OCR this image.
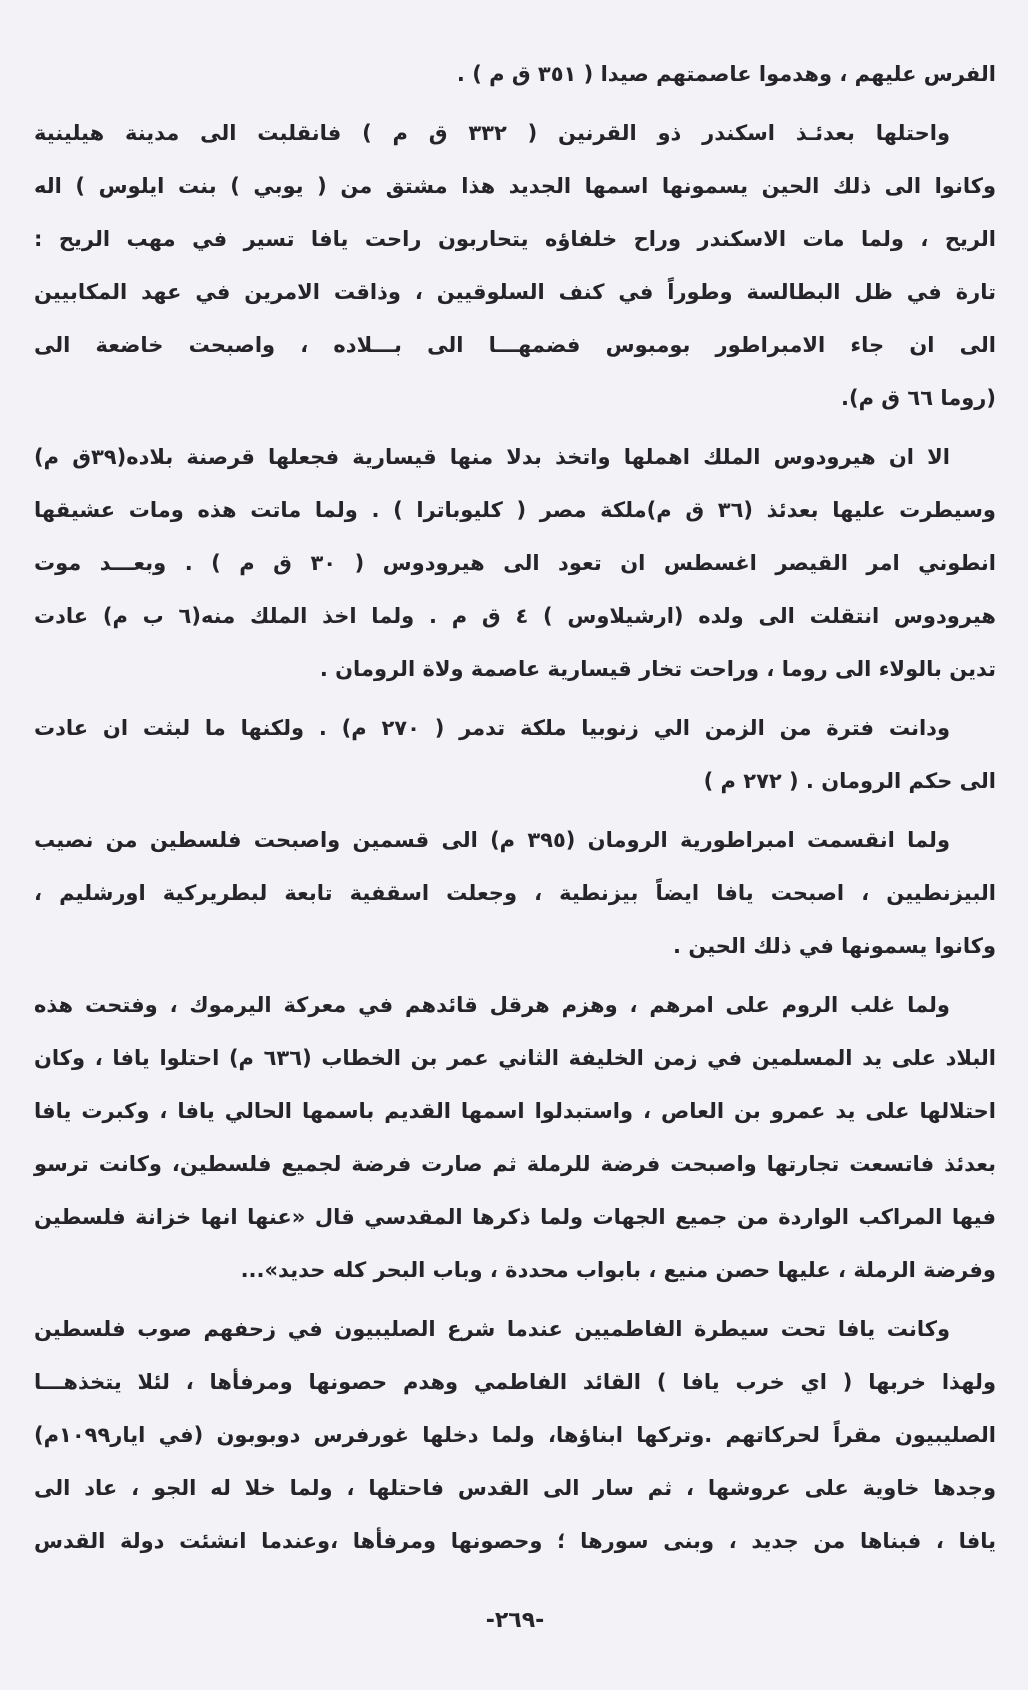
الفرس عليهم ، وهدموا عاصمتهم صيدا ( ٣٥١ ق م ) .
واحتلها بعدئـذ اسكندر ذو القرنين ( ٣٣٢ ق م ) فانقلبت الى مدينة هيلينية
وكانوا الى ذلك الحين يسمونها اسمها الجديد هذا مشتق من ( يوبي ) بنت ايلوس ) اله
الريح ، ولما مات الاسكندر وراح خلفاؤه يتحاربون راحت يافا تسير في مهب الريح :
تارة في ظل البطالسة وطوراً في كنف السلوقيين ، وذاقت الامرين في عهد المكابيين
الى ان جاء الامبراطور بومبوس فضمهـــا الى بـــلاده ، واصبحت خاضعة الى
(روما ٦٦ ق م).
الا ان هيرودوس الملك اهملها واتخذ بدلا منها قيسارية فجعلها قرصنة بلاده(٣٩ق م)
وسيطرت عليها بعدئذ (٣٦ ق م)ملكة مصر ( كليوباترا ) . ولما ماتت هذه ومات عشيقها
انطوني امر القيصر اغسطس ان تعود الى هيرودوس ( ٣٠ ق م ) . وبعـــد موت
هيرودوس انتقلت الى ولده (ارشيلاوس ) ٤ ق م . ولما اخذ الملك منه(٦ ب م) عادت
تدين بالولاء الى روما ، وراحت تخار قيسارية عاصمة ولاة الرومان .
ودانت فترة من الزمن الي زنوبيا ملكة تدمر ( ٢٧٠ م) . ولكنها ما لبثت ان عادت
الى حكم الرومان . ( ٢٧٢ م )
ولما انقسمت امبراطورية الرومان (٣٩٥ م) الى قسمين واصبحت فلسطين من نصيب
البيزنطيين ، اصبحت يافا ايضاً بيزنطية ، وجعلت اسقفية تابعة لبطريركية اورشليم ،
وكانوا يسمونها في ذلك الحين .
ولما غلب الروم على امرهم ، وهزم هرقل قائدهم في معركة اليرموك ، وفتحت هذه
البلاد على يد المسلمين في زمن الخليفة الثاني عمر بن الخطاب (٦٣٦ م) احتلوا يافا ، وكان
احتلالها على يد عمرو بن العاص ، واستبدلوا اسمها القديم باسمها الحالي يافا ، وكبرت يافا
بعدئذ فاتسعت تجارتها واصبحت فرضة للرملة ثم صارت فرضة لجميع فلسطين، وكانت ترسو
فيها المراكب الواردة من جميع الجهات ولما ذكرها المقدسي قال «عنها انها خزانة فلسطين
وفرضة الرملة ، عليها حصن منيع ، بابواب محددة ، وباب البحر كله حديد»...
وكانت يافا تحت سيطرة الفاطميين عندما شرع الصليبيون في زحفهم صوب فلسطين
ولهذا خربها ( اي خرب يافا ) القائد الفاطمي وهدم حصونها ومرفأها ، لئلا يتخذهـــا
الصليبيون مقراً لحركاتهم .وتركها ابناؤها، ولما دخلها غورفرس دوبوبون (في ايار١٠٩٩م)
وجدها خاوية على عروشها ، ثم سار الى القدس فاحتلها ، ولما خلا له الجو ، عاد الى
يافا ، فبناها من جديد ، وبنى سورها ؛ وحصونها ومرفأها ،وعندما انشئت دولة القدس
-٢٦٩-
